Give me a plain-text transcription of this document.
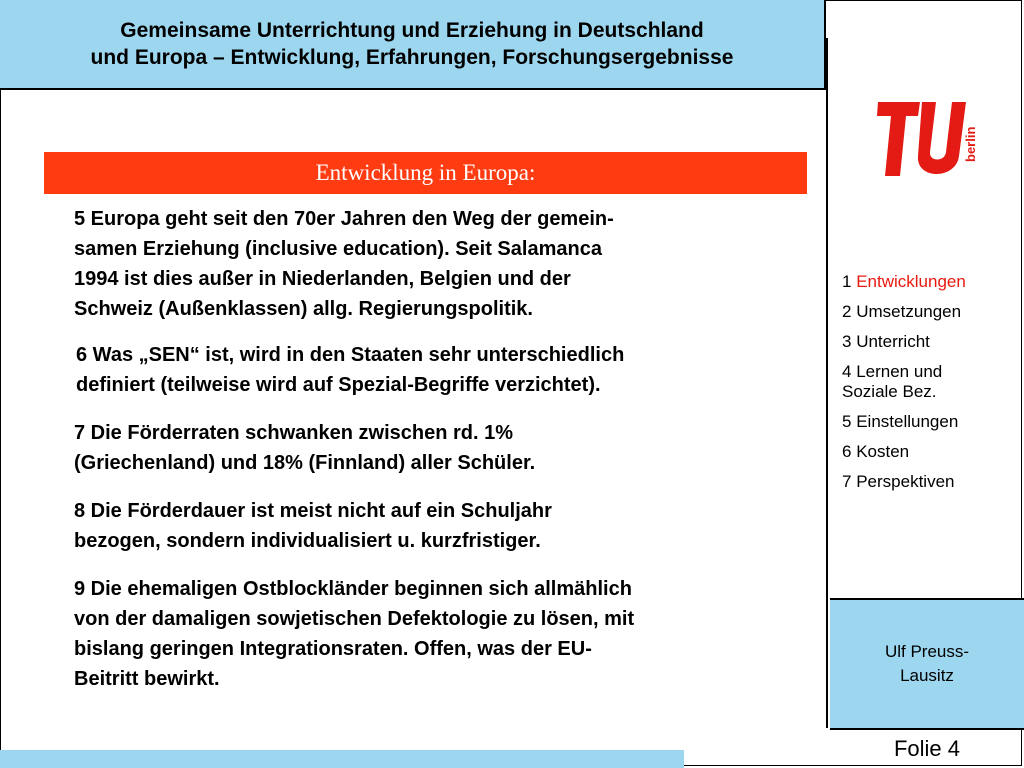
Gemeinsame Unterrichtung und Erziehung in Deutschland
und Europa – Entwicklung, Erfahrungen, Forschungsergebnisse
berlin
Entwicklung in Europa:
5 Europa geht seit den 70er Jahren den Weg der gemein-
samen Erziehung (inclusive education). Seit Salamanca
1994 ist dies außer in Niederlanden, Belgien und der
Schweiz (Außenklassen) allg. Regierungspolitik.
6 Was „SEN“ ist, wird in den Staaten sehr unterschiedlich
definiert (teilweise wird auf Spezial-Begriffe verzichtet).
7 Die Förderraten schwanken zwischen rd. 1%
(Griechenland) und 18% (Finnland) aller Schüler.
8 Die Förderdauer ist meist nicht auf ein Schuljahr
bezogen, sondern individualisiert u. kurzfristiger.
9 Die ehemaligen Ostblockländer beginnen sich allmählich
von der damaligen sowjetischen Defektologie zu lösen, mit
bislang geringen Integrationsraten. Offen, was der EU-
Beitritt bewirkt.
1 Entwicklungen
2 Umsetzungen
3 Unterricht
4 Lernen und
Soziale Bez.
5 Einstellungen
6 Kosten
7 Perspektiven
Ulf Preuss-Lausitz
Folie 4
